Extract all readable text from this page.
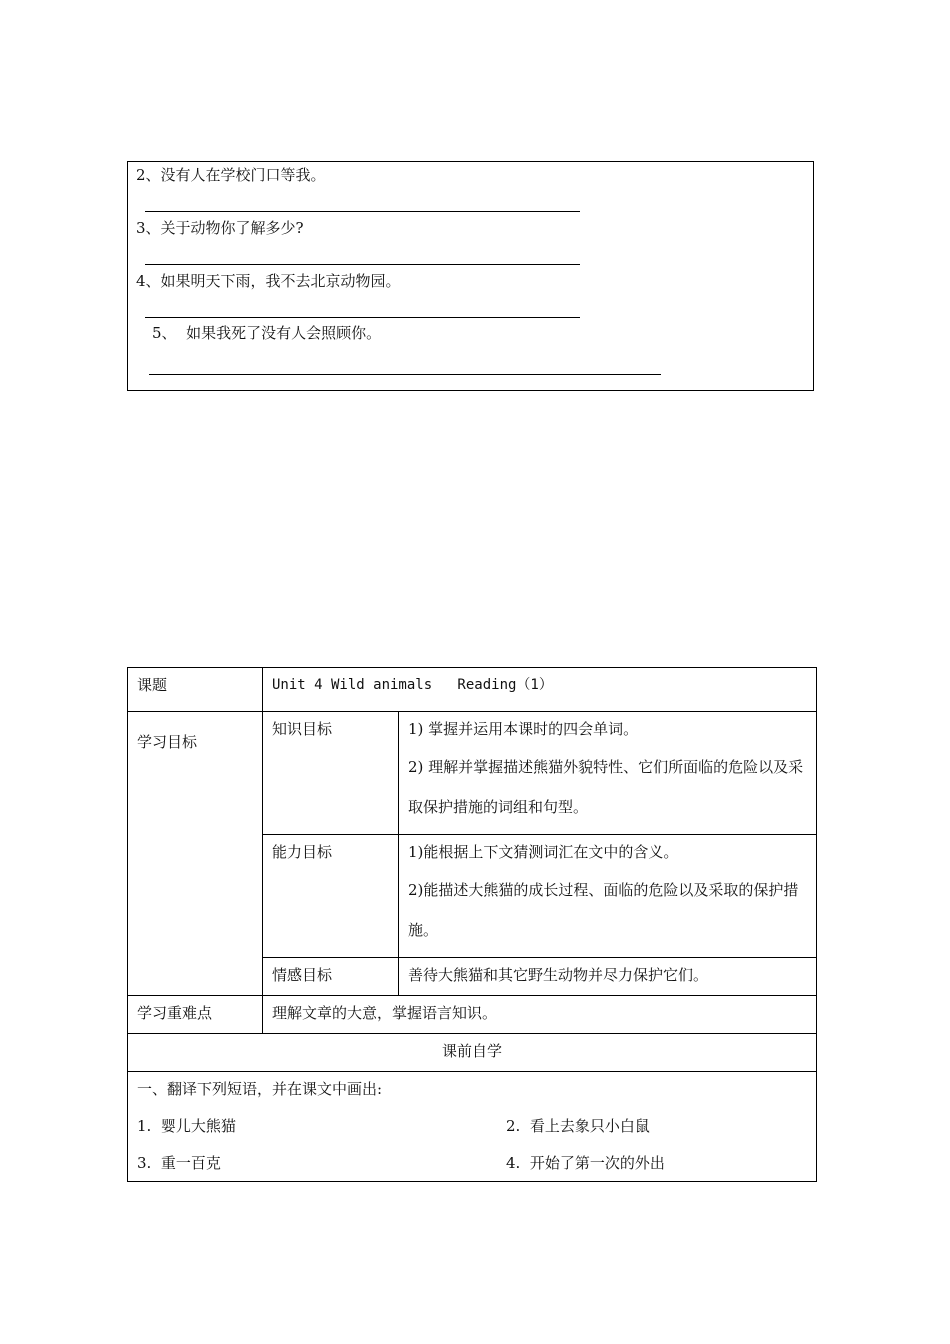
2、没有人在学校门口等我。
3、关于动物你了解多少?
4、如果明天下雨，我不去北京动物园。
5、  如果我死了没有人会照顾你。
课题	Unit 4 Wild animals   Reading（1）	
学习目标	知识目标	1) 掌握并运用本课时的四会单词。
2) 理解并掌握描述熊猫外貌特性、它们所面临的危险以及采取保护措施的词组和句型。

	能力目标	1)能根据上下文猜测词汇在文中的含义。
2)能描述大熊猫的成长过程、面临的危险以及采取的保护措施。

	情感目标	善待大熊猫和其它野生动物并尽力保护它们。
学习重难点	理解文章的大意，掌握语言知识。	
课前自学		

一、翻译下列短语，并在课文中画出:
1.  婴儿大熊猫 2.  看上去象只小白鼠
3.  重一百克 4.  开始了第一次的外出		
